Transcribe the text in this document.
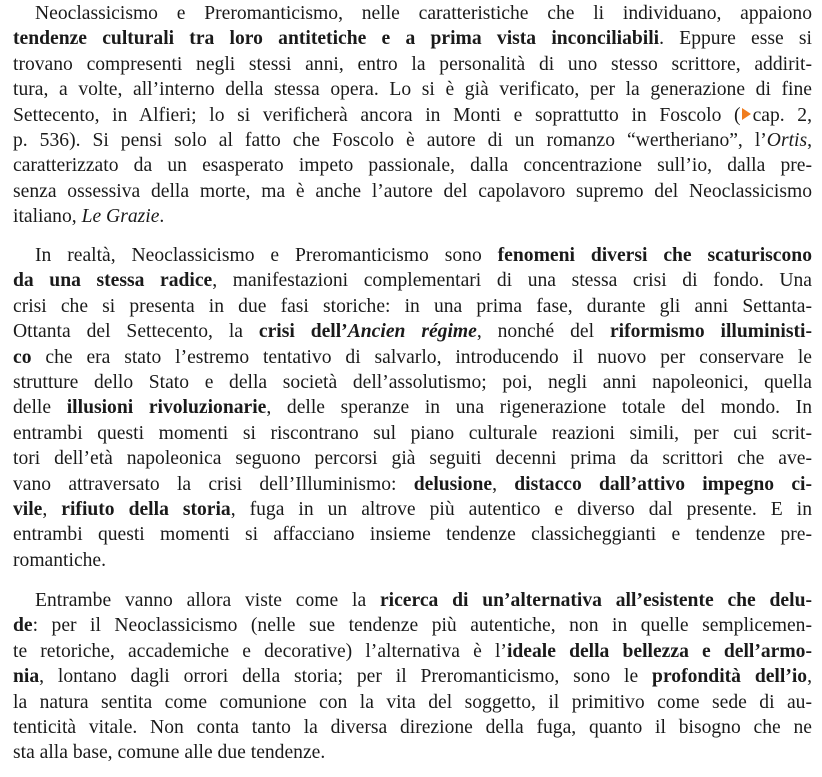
Neoclassicismo e Preromanticismo, nelle caratteristiche che li individuano, appaiono
tendenze culturali tra loro antitetiche e a prima vista inconciliabili. Eppure esse si
trovano compresenti negli stessi anni, entro la personalità di uno stesso scrittore, addirit-
tura, a volte, all’interno della stessa opera. Lo si è già verificato, per la generazione di fine
Settecento, in Alfieri; lo si verificherà ancora in Monti e soprattutto in Foscolo ( cap. 2,
p. 536). Si pensi solo al fatto che Foscolo è autore di un romanzo “wertheriano”, l’Ortis,
caratterizzato da un esasperato impeto passionale, dalla concentrazione sull’io, dalla pre-
senza ossessiva della morte, ma è anche l’autore del capolavoro supremo del Neoclassicismo
italiano, Le Grazie.
In realtà, Neoclassicismo e Preromanticismo sono fenomeni diversi che scaturiscono
da una stessa radice, manifestazioni complementari di una stessa crisi di fondo. Una
crisi che si presenta in due fasi storiche: in una prima fase, durante gli anni Settanta-
Ottanta del Settecento, la crisi dell’Ancien régime, nonché del riformismo illuministi-
co che era stato l’estremo tentativo di salvarlo, introducendo il nuovo per conservare le
strutture dello Stato e della società dell’assolutismo; poi, negli anni napoleonici, quella
delle illusioni rivoluzionarie, delle speranze in una rigenerazione totale del mondo. In
entrambi questi momenti si riscontrano sul piano culturale reazioni simili, per cui scrit-
tori dell’età napoleonica seguono percorsi già seguiti decenni prima da scrittori che ave-
vano attraversato la crisi dell’Illuminismo: delusione, distacco dall’attivo impegno ci-
vile, rifiuto della storia, fuga in un altrove più autentico e diverso dal presente. E in
entrambi questi momenti si affacciano insieme tendenze classicheggianti e tendenze pre-
romantiche.
Entrambe vanno allora viste come la ricerca di un’alternativa all’esistente che delu-
de: per il Neoclassicismo (nelle sue tendenze più autentiche, non in quelle semplicemen-
te retoriche, accademiche e decorative) l’alternativa è l’ideale della bellezza e dell’armo-
nia, lontano dagli orrori della storia; per il Preromanticismo, sono le profondità dell’io,
la natura sentita come comunione con la vita del soggetto, il primitivo come sede di au-
tenticità vitale. Non conta tanto la diversa direzione della fuga, quanto il bisogno che ne
sta alla base, comune alle due tendenze.
